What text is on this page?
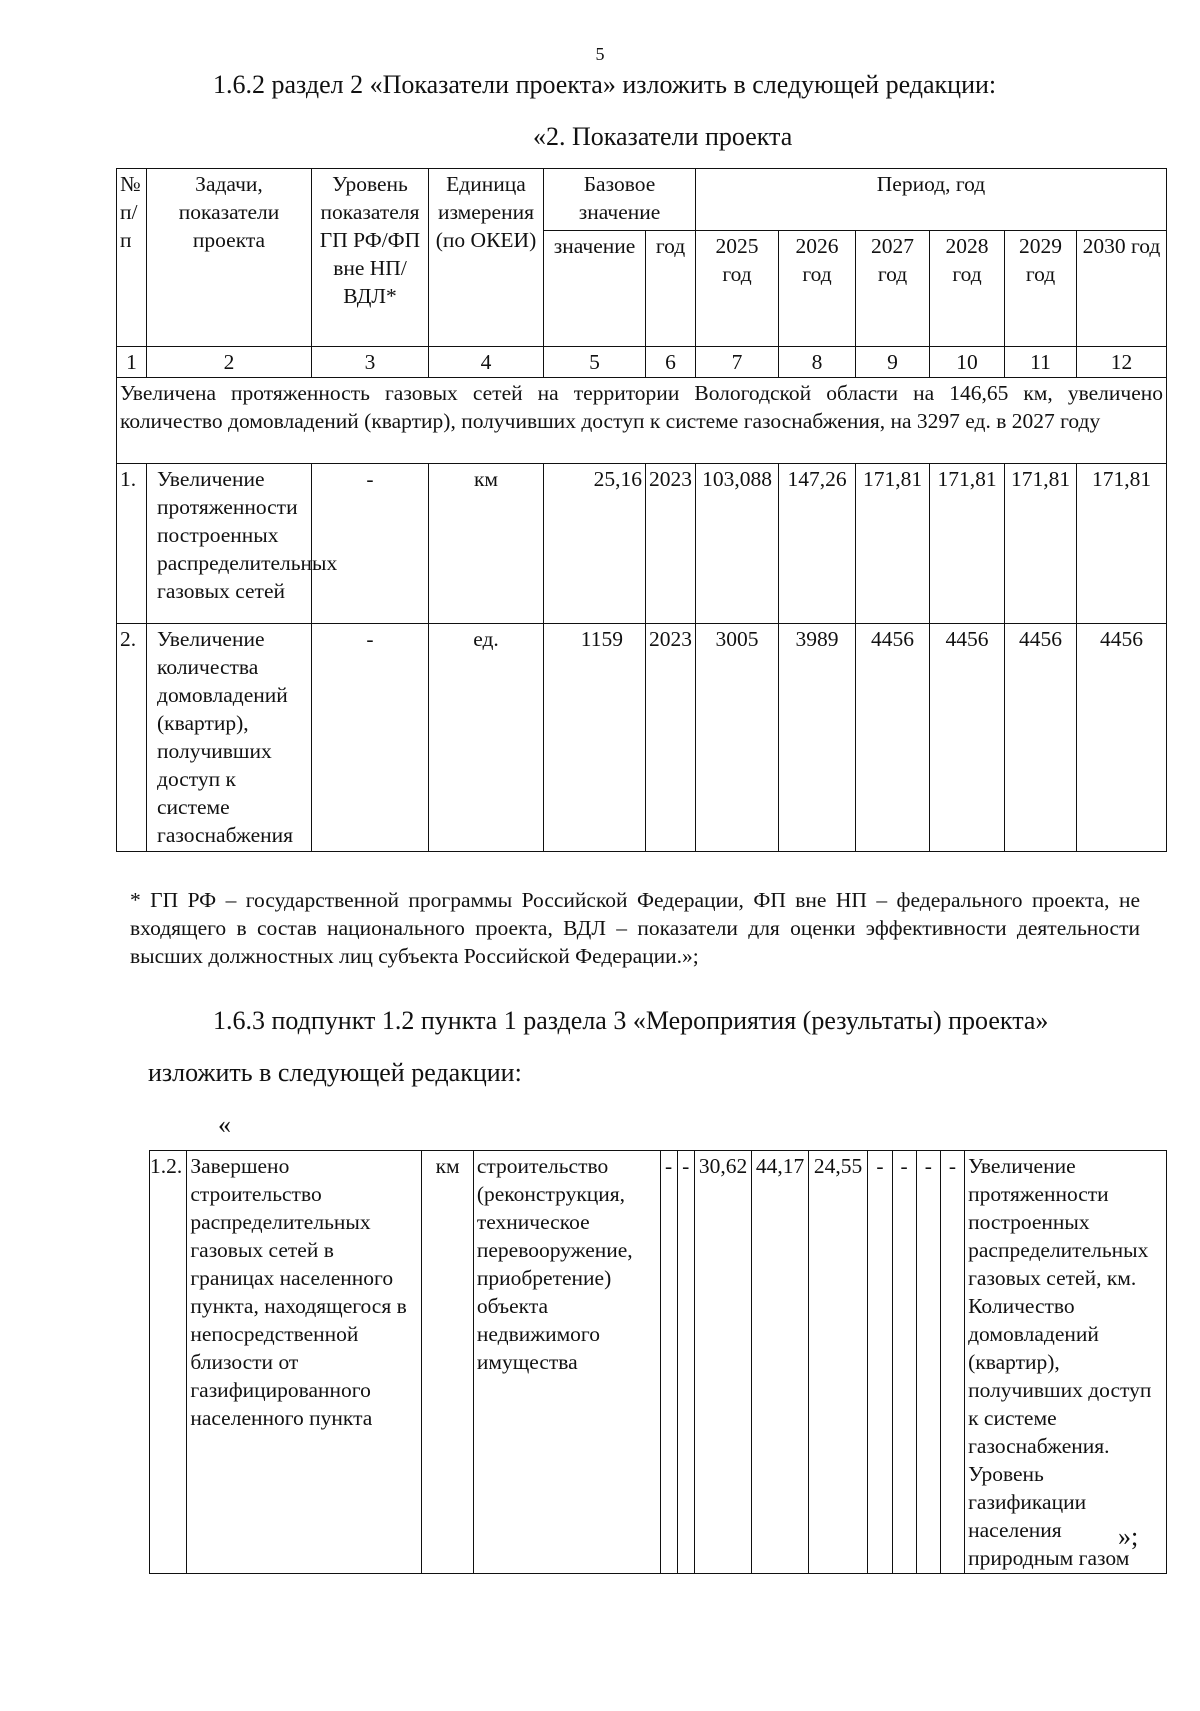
5
1.6.2 раздел 2 «Показатели проекта» изложить в следующей редакции:
«2. Показатели проекта
№ п/ п	Задачи, показатели проекта	Уровень показателя ГП РФ/ФП вне НП/ВДЛ*	Единица измерения (по ОКЕИ)	Базовое значение		Период, год					
				значение	год	2025 год	2026 год	2027 год	2028 год	2029 год	2030 год
1	2	3	4	5	6	7	8	9	10	11	12
Увеличена протяженность газовых сетей на территории Вологодской области на 146,65 км, увеличено количество домовладений (квартир), получивших доступ к системе газоснабжения, на 3297 ед. в 2027 году											
1.	Увеличение протяженности построенных распределительных газовых сетей	-	км	25,16	2023	103,088	147,26	171,81	171,81	171,81	171,81
2.	Увеличение количества домовладений (квартир), получивших доступ к системе газоснабжения	-	ед.	1159	2023	3005	3989	4456	4456	4456	4456
* ГП РФ – государственной программы Российской Федерации, ФП вне НП – федерального проекта, не входящего в состав национального проекта, ВДЛ – показатели для оценки эффективности деятельности высших должностных лиц субъекта Российской Федерации.»;
1.6.3 подпункт 1.2 пункта 1 раздела 3 «Мероприятия (результаты) проекта»
изложить в следующей редакции:
«
1.2.	Завершено строительство распределительных газовых сетей в границах населенного пункта, находящегося в непосредственной близости от газифицированного населенного пункта	км	строительство (реконструкция, техническое перевооружение, приобретение) объекта недвижимого имущества	-	-	30,62	44,17	24,55	-	-	-	-	Увеличение протяженности построенных распределительных газовых сетей, км. Количество домовладений (квартир), получивших доступ к системе газоснабжения. Уровень газификации населения природным газом
»;
